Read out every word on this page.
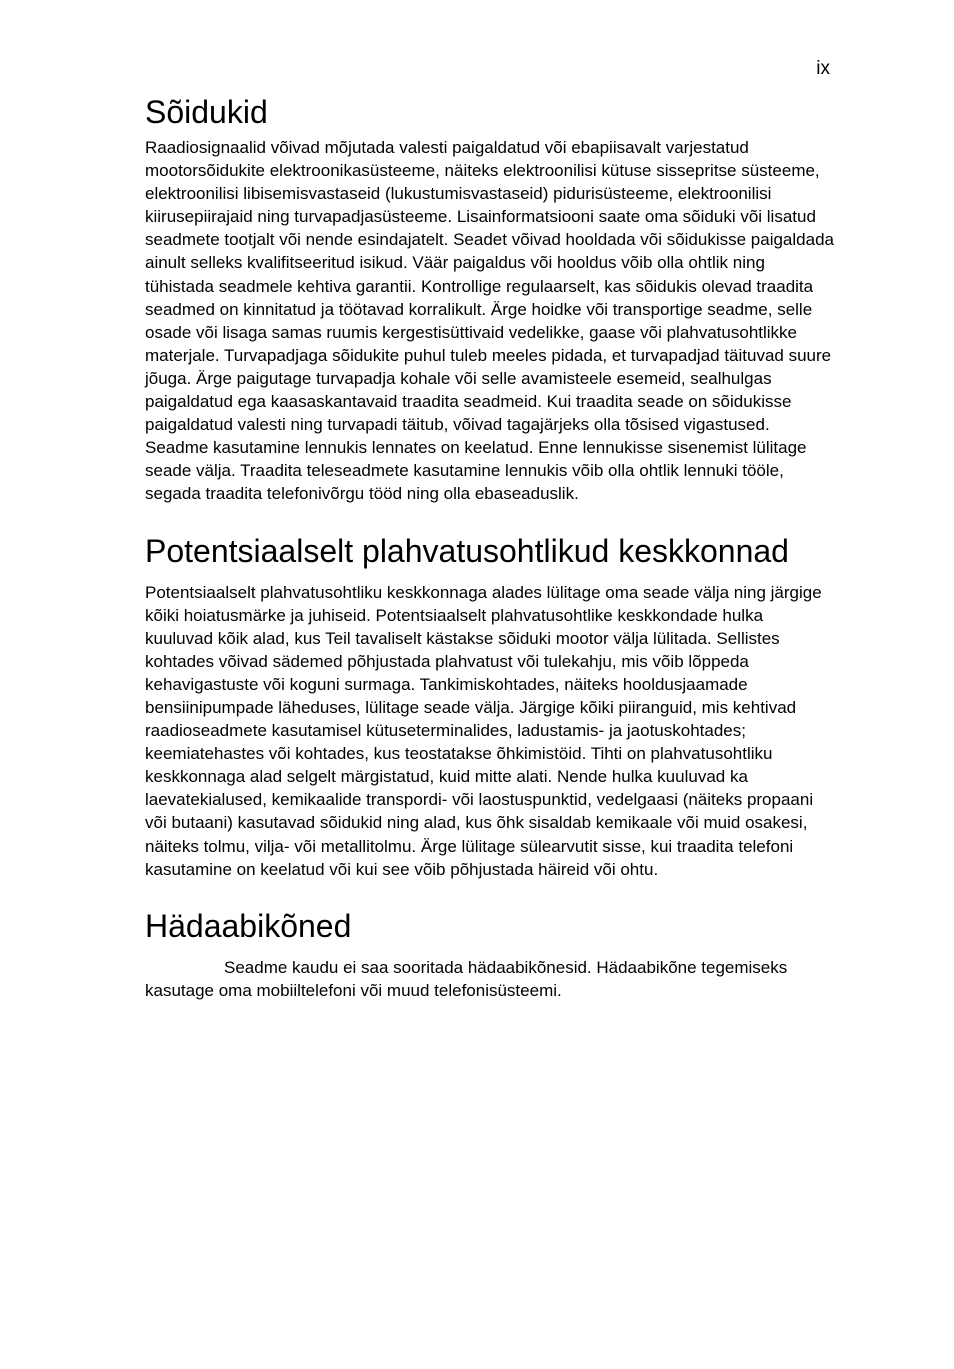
ix
Sõidukid

Raadiosignaalid võivad mõjutada valesti paigaldatud või ebapiisavalt varjestatud mootorsõidukite elektroonikasüsteeme, näiteks elektroonilisi kütuse sissepritse süsteeme, elektroonilisi libisemisvastaseid (lukustumisvastaseid) pidurisüsteeme, elektroonilisi kiirusepiirajaid ning turvapadjasüsteeme. Lisainformatsiooni saate oma sõiduki või lisatud seadmete tootjalt või nende esindajatelt. Seadet võivad hooldada või sõidukisse paigaldada ainult selleks kvalifitseeritud isikud. Väär paigaldus või hooldus võib olla ohtlik ning tühistada seadmele kehtiva garantii. Kontrollige regulaarselt, kas sõidukis olevad traadita seadmed on kinnitatud ja töötavad korralikult. Ärge hoidke või transportige seadme, selle osade või lisaga samas ruumis kergestisüttivaid vedelikke, gaase või plahvatusohtlikke materjale. Turvapadjaga sõidukite puhul tuleb meeles pidada, et turvapadjad täituvad suure jõuga. Ärge paigutage turvapadja kohale või selle avamisteele esemeid, sealhulgas paigaldatud ega kaasaskantavaid traadita seadmeid. Kui traadita seade on sõidukisse paigaldatud valesti ning turvapadi täitub, võivad tagajärjeks olla tõsised vigastused. Seadme kasutamine lennukis lennates on keelatud. Enne lennukisse sisenemist lülitage seade välja. Traadita teleseadmete kasutamine lennukis võib olla ohtlik lennuki tööle, segada traadita telefonivõrgu tööd ning olla ebaseaduslik.

Potentsiaalselt plahvatusohtlikud keskkonnad

Potentsiaalselt plahvatusohtliku keskkonnaga alades lülitage oma seade välja ning järgige kõiki hoiatusmärke ja juhiseid. Potentsiaalselt plahvatusohtlike keskkondade hulka kuuluvad kõik alad, kus Teil tavaliselt kästakse sõiduki mootor välja lülitada. Sellistes kohtades võivad sädemed põhjustada plahvatust või tulekahju, mis võib lõppeda kehavigastuste või koguni surmaga. Tankimiskohtades, näiteks hooldusjaamade bensiinipumpade läheduses, lülitage seade välja. Järgige kõiki piiranguid, mis kehtivad raadioseadmete kasutamisel kütuseterminalides, ladustamis- ja jaotuskohtades; keemiatehastes või kohtades, kus teostatakse õhkimistöid. Tihti on plahvatusohtliku keskkonnaga alad selgelt märgistatud, kuid mitte alati. Nende hulka kuuluvad ka laevatekialused, kemikaalide transpordi- või laostuspunktid, vedelgaasi (näiteks propaani või butaani) kasutavad sõidukid ning alad, kus õhk sisaldab kemikaale või muid osakesi, näiteks tolmu, vilja- või metallitolmu. Ärge lülitage sülearvutit sisse, kui traadita telefoni kasutamine on keelatud või kui see võib põhjustada häireid või ohtu.

Hädaabikõned

Seadme kaudu ei saa sooritada hädaabikõnesid. Hädaabikõne tegemiseks kasutage oma mobiiltelefoni või muud telefonisüsteemi.
